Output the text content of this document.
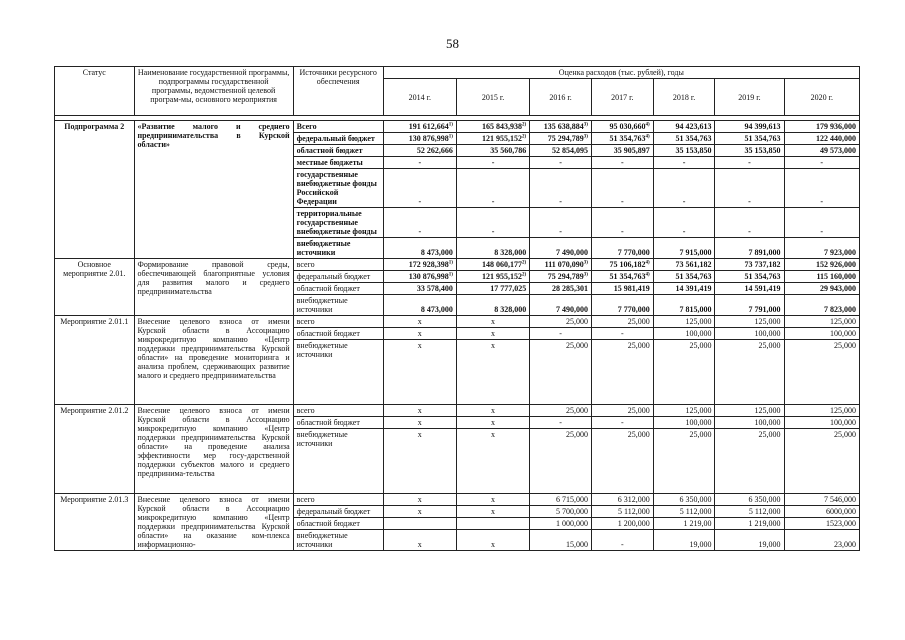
58
Статус	Наименование государственной программы, подпрограммы государственной программы, ведомственной целевой програм-мы, основного мероприятия	Источники ресурсного обеспечения	Оценка расходов (тыс. рублей), годы						
			2014 г.	2015 г.	2016 г.	2017 г.	2018 г.	2019 г.	2020 г.

Подпрограмма 2	«Развитие малого и среднего предпринимательства в Курской области»	Всего	191 612,664$^{1)}$	165 843,938$^{2)}$	135 638,884$^{3)}$	95 030,660$^{4)}$	94 423,613	94 399,613	179 936,000
		федеральный бюджет	130 876,998$^{1)}$	121 955,152$^{2)}$	75 294,789$^{3)}$	51 354,763$^{4)}$	51 354,763	51 354,763	122 440,000
		областной бюджет	52 262,666	35 560,786	52 854,095	35 905,897	35 153,850	35 153,850	49 573,000
		местные бюджеты	-	-	-	-	-	-	-
		государственные внебюджетные фонды Российской Федерации	-	-	-	-	-	-	-
		территориальные государственные внебюджетные фонды	-	-	-	-	-	-	-
		внебюджетные источники	8 473,000	8 328,000	7 490,000	7 770,000	7 915,000	7 891,000	7 923,000
Основное мероприятие 2.01.	Формирование правовой среды, обеспечивающей благоприятные условия для развития малого и среднего предпринимательства	всего	172 928,398$^{1)}$	148 060,177$^{2)}$	111 070,090$^{3)}$	75 106,182$^{4)}$	73 561,182	73 737,182	152 926,000
		федеральный бюджет	130 876,998$^{1)}$	121 955,152$^{2)}$	75 294,789$^{3)}$	51 354,763$^{4)}$	51 354,763	51 354,763	115 160,000
		областной бюджет	33 578,400	17 777,025	28 285,301	15 981,419	14 391,419	14 591,419	29 943,000
		внебюджетные источники	8 473,000	8 328,000	7 490,000	7 770,000	7 815,000	7 791,000	7 823,000
Мероприятие 2.01.1	Внесение целевого взноса от имени Курской области в Ассоциацию микрокредитную компанию «Центр поддержки предпринимательства Курской области» на проведение мониторинга и анализа проблем, сдерживающих развитие малого и среднего предпринимательства	всего	x	x	25,000	25,000	125,000	125,000	125,000
		областной бюджет	x	x	-	-	100,000	100,000	100,000
		внебюджетные источники	x	x	25,000	25,000	25,000	25,000	25,000
Мероприятие 2.01.2	Внесение целевого взноса от имени Курской области в Ассоциацию микрокредитную компанию «Центр поддержки предпринимательства Курской области» на проведение анализа эффективности мер госу-дарственной поддержки субъектов малого и среднего предпринима-тельства	всего	x	x	25,000	25,000	125,000	125,000	125,000
		областной бюджет	x	x	-	-	100,000	100,000	100,000
		внебюджетные источники	x	x	25,000	25,000	25,000	25,000	25,000
Мероприятие 2.01.3	Внесение целевого взноса от имени Курской области в Ассоциацию микрокредитную компанию «Центр поддержки предпринимательства Курской области» на оказание ком-плекса информационно-	всего	x	x	6 715,000	6 312,000	6 350,000	6 350,000	7 546,000
		федеральный бюджет	x	x	5 700,000	5 112,000	5 112,000	5 112,000	6000,000
		областной бюджет			1 000,000	1 200,000	1 219,00	1 219,000	1523,000
		внебюджетные источники	x	x	15,000	-	19,000	19,000	23,000
